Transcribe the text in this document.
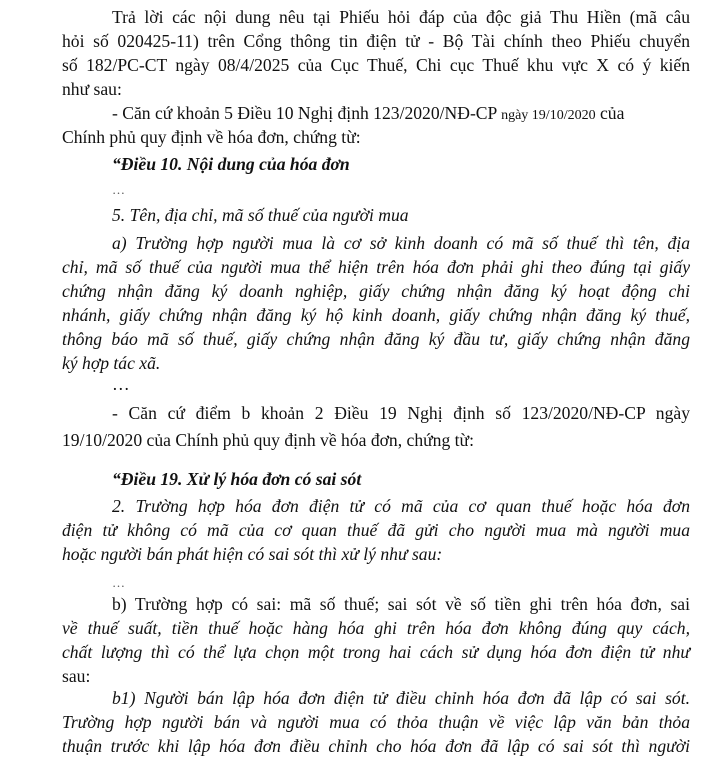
Trả lời các nội dung nêu tại Phiếu hỏi đáp của độc giả Thu Hiền (mã câu
hỏi số 020425-11) trên Cổng thông tin điện tử - Bộ Tài chính theo Phiếu chuyển
số 182/PC-CT ngày 08/4/2025 của Cục Thuế, Chi cục Thuế khu vực X có ý kiến
như sau:
- Căn cứ khoản 5 Điều 10 Nghị định 123/2020/NĐ-CP ngày 19/10/2020 của
Chính phủ quy định về hóa đơn, chứng từ:
“Điều 10. Nội dung của hóa đơn
…
5. Tên, địa chỉ, mã số thuế của người mua
a) Trường hợp người mua là cơ sở kinh doanh có mã số thuế thì tên, địa
chỉ, mã số thuế của người mua thể hiện trên hóa đơn phải ghi theo đúng tại giấy
chứng nhận đăng ký doanh nghiệp, giấy chứng nhận đăng ký hoạt động chi
nhánh, giấy chứng nhận đăng ký hộ kinh doanh, giấy chứng nhận đăng ký thuế,
thông báo mã số thuế, giấy chứng nhận đăng ký đầu tư, giấy chứng nhận đăng
ký hợp tác xã.
…
- Căn cứ điểm b khoản 2 Điều 19 Nghị định số 123/2020/NĐ-CP ngày
19/10/2020 của Chính phủ quy định về hóa đơn, chứng từ:
“Điều 19. Xử lý hóa đơn có sai sót
2. Trường hợp hóa đơn điện tử có mã của cơ quan thuế hoặc hóa đơn
điện tử không có mã của cơ quan thuế đã gửi cho người mua mà người mua
hoặc người bán phát hiện có sai sót thì xử lý như sau:
…
b) Trường hợp có sai: mã số thuế; sai sót về số tiền ghi trên hóa đơn, sai
về thuế suất, tiền thuế hoặc hàng hóa ghi trên hóa đơn không đúng quy cách,
chất lượng thì có thể lựa chọn một trong hai cách sử dụng hóa đơn điện tử như
sau:
b1) Người bán lập hóa đơn điện tử điều chỉnh hóa đơn đã lập có sai sót.
Trường hợp người bán và người mua có thỏa thuận về việc lập văn bản thỏa
thuận trước khi lập hóa đơn điều chỉnh cho hóa đơn đã lập có sai sót thì người
